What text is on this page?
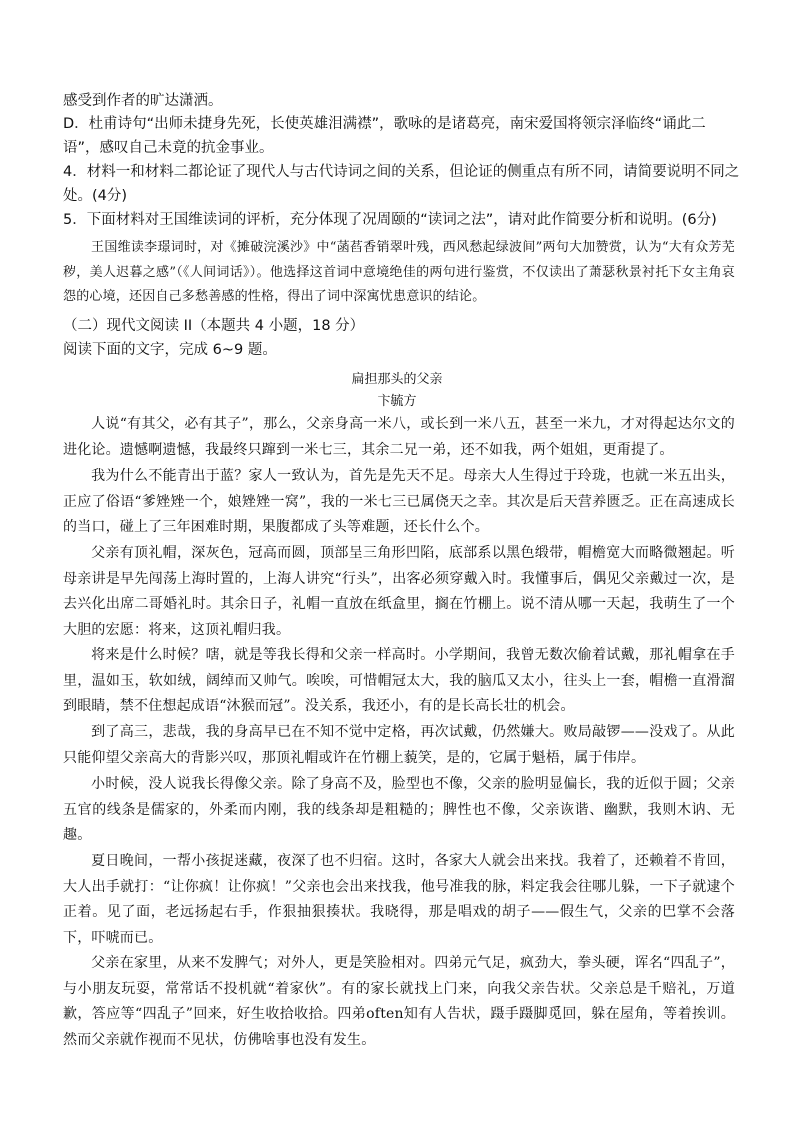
感受到作者的旷达潇洒。
D．杜甫诗句“出师未捷身先死，长使英雄泪满襟”，歌咏的是诸葛亮，南宋爱国将领宗泽临终“诵此二
语”，感叹自己未竟的抗金事业。
4．材料一和材料二都论证了现代人与古代诗词之间的关系，但论证的侧重点有所不同，请简要说明不同之
处。(4分)
5．下面材料对王国维读词的评析，充分体现了况周颐的“读词之法”，请对此作简要分析和说明。(6分)
王国维读李璟词时，对《摊破浣溪沙》中“菡萏香销翠叶残，西风愁起绿波间”两句大加赞赏，认为“大有众芳芜秽，美人迟暮之感”（《人间词话》）。他选择这首词中意境绝佳的两句进行鉴赏，不仅读出了萧瑟秋景衬托下女主角哀怨的心境，还因自己多愁善感的性格，得出了词中深寓忧患意识的结论。
（二）现代文阅读 II（本题共 4 小题，18 分）
阅读下面的文字，完成 6~9 题。
扁担那头的父亲
卞毓方
人说“有其父，必有其子”，那么，父亲身高一米八，或长到一米八五，甚至一米九，才对得起达尔文的进化论。遗憾啊遗憾，我最终只蹿到一米七三，其余二兄一弟，还不如我，两个姐姐，更甭提了。
我为什么不能青出于蓝？家人一致认为，首先是先天不足。母亲大人生得过于玲珑，也就一米五出头，正应了俗语“爹矬矬一个，娘矬矬一窝”，我的一米七三已属侥天之幸。其次是后天营养匮乏。正在高速成长的当口，碰上了三年困难时期，果腹都成了头等难题，还长什么个。
父亲有顶礼帽，深灰色，冠高而圆，顶部呈三角形凹陷，底部系以黑色缎带，帽檐宽大而略微翘起。听母亲讲是早先闯荡上海时置的，上海人讲究“行头”，出客必须穿戴入时。我懂事后，偶见父亲戴过一次，是去兴化出席二哥婚礼时。其余日子，礼帽一直放在纸盒里，搁在竹棚上。说不清从哪一天起，我萌生了一个大胆的宏愿：将来，这顶礼帽归我。
将来是什么时候？嗐，就是等我长得和父亲一样高时。小学期间，我曾无数次偷着试戴，那礼帽拿在手里，温如玉，软如绒，阔绰而又帅气。唉唉，可惜帽冠太大，我的脑瓜又太小，往头上一套，帽檐一直滑溜到眼睛，禁不住想起成语“沐猴而冠”。没关系，我还小，有的是长高长壮的机会。
到了高三，悲哉，我的身高早已在不知不觉中定格，再次试戴，仍然嫌大。败局敲锣——没戏了。从此只能仰望父亲高大的背影兴叹，那顶礼帽或许在竹棚上藐笑，是的，它属于魁梧，属于伟岸。
小时候，没人说我长得像父亲。除了身高不及，脸型也不像，父亲的脸明显偏长，我的近似于圆；父亲五官的线条是儒家的，外柔而内刚，我的线条却是粗糙的；脾性也不像，父亲诙谐、幽默，我则木讷、无趣。
夏日晚间，一帮小孩捉迷藏，夜深了也不归宿。这时，各家大人就会出来找。我着了，还赖着不肯回，大人出手就打：“让你疯！让你疯！”父亲也会出来找我，他号准我的脉，料定我会往哪儿躲，一下子就逮个正着。见了面，老远扬起右手，作狠抽狠揍状。我晓得，那是唱戏的胡子——假生气，父亲的巴掌不会落下，吓唬而已。
父亲在家里，从来不发脾气；对外人，更是笑脸相对。四弟元气足，疯劲大，拳头硬，诨名“四乱子”，与小朋友玩耍，常常话不投机就“着家伙”。有的家长就找上门来，向我父亲告状。父亲总是千赔礼，万道歉，答应等“四乱子”回来，好生收拾收拾。四弟often知有人告状，蹑手蹑脚觅回，躲在屋角，等着挨训。然而父亲就作视而不见状，仿佛啥事也没有发生。
